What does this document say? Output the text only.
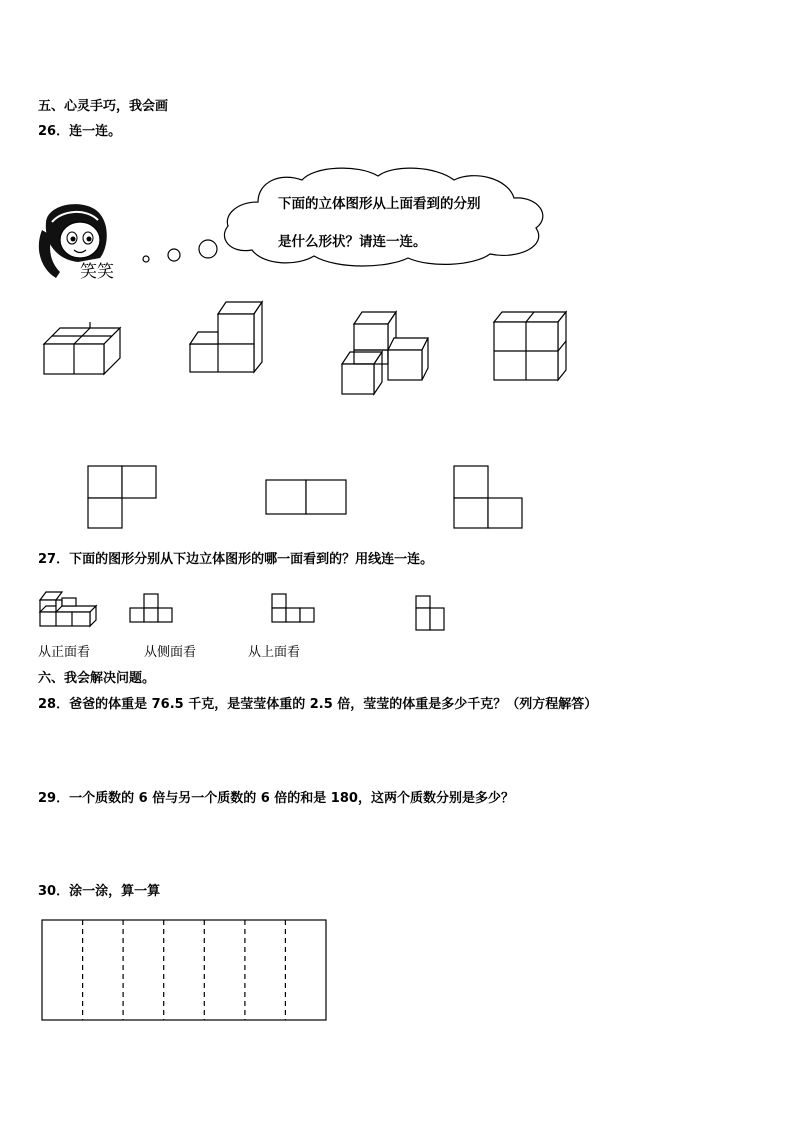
五、心灵手巧，我会画
26．连一连。
笑笑
下面的立体图形从上面看到的分别
是什么形状？请连一连。
27．下面的图形分别从下边立体图形的哪一面看到的？用线连一连。
从正面看	从侧面看	从上面看
六、我会解决问题。
28．爸爸的体重是 76.5 千克，是莹莹体重的 2.5 倍，莹莹的体重是多少千克？（列方程解答）
29．一个质数的 6 倍与另一个质数的 6 倍的和是 180，这两个质数分别是多少？
30．涂一涂，算一算
